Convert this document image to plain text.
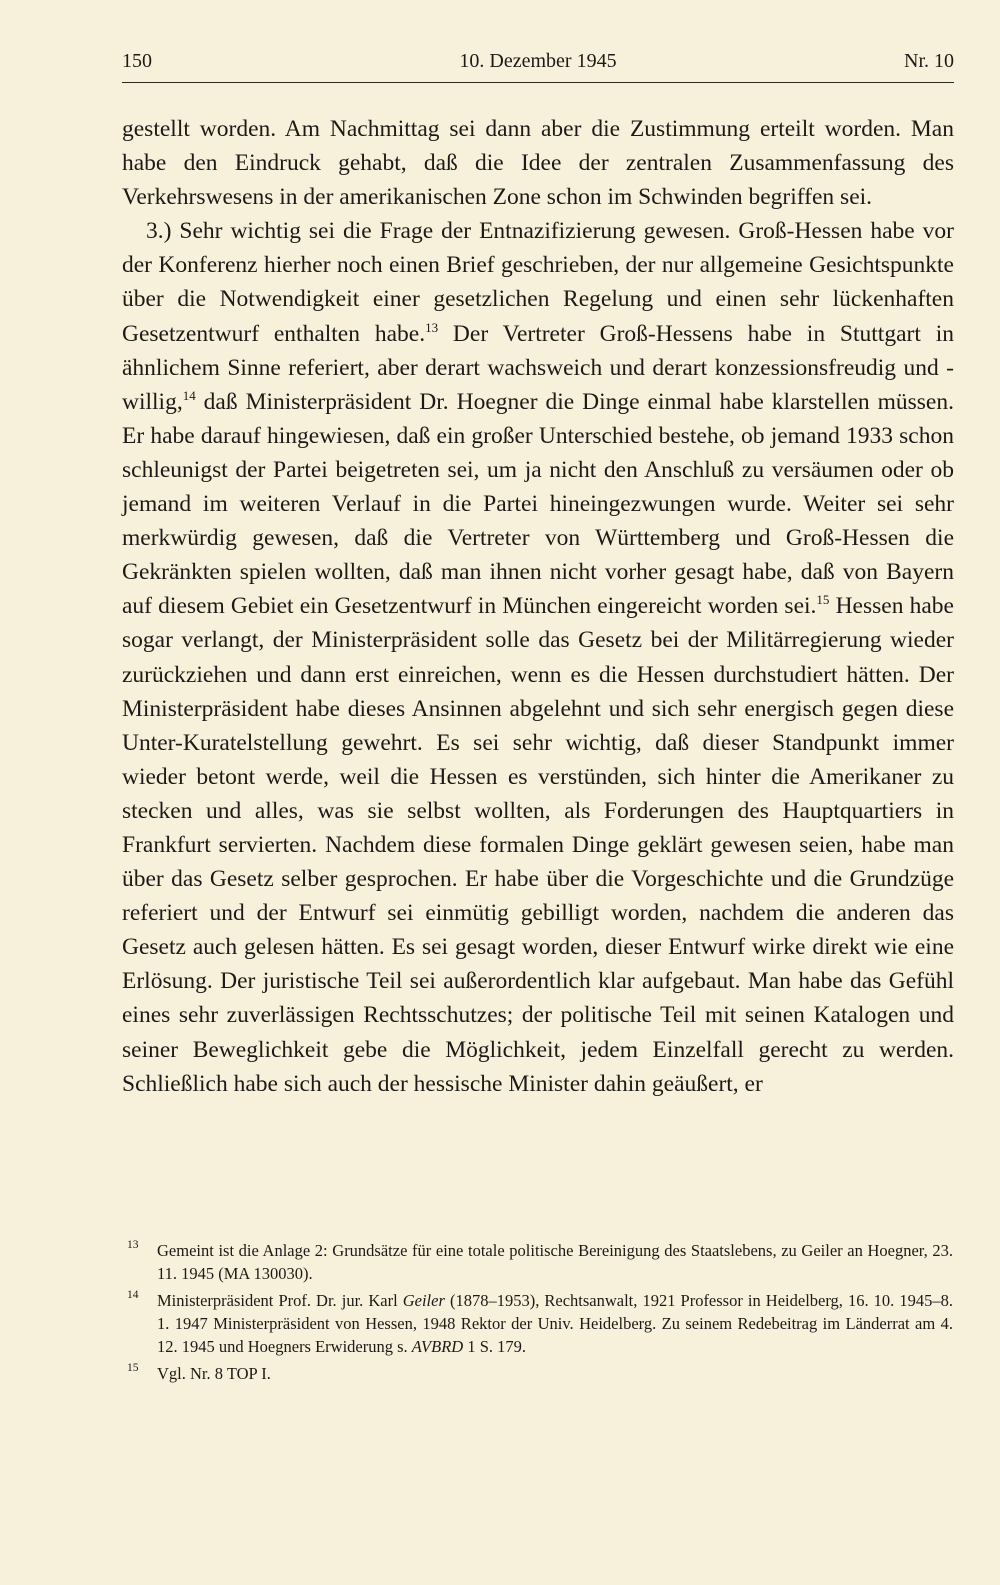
150	10. Dezember 1945	Nr. 10

gestellt worden. Am Nachmittag sei dann aber die Zustimmung erteilt worden. Man habe den Eindruck gehabt, daß die Idee der zentralen Zusammenfassung des Verkehrswesens in der amerikanischen Zone schon im Schwinden begriffen sei.

3.) Sehr wichtig sei die Frage der Entnazifizierung gewesen. Groß-Hessen habe vor der Konferenz hierher noch einen Brief geschrieben, der nur allgemeine Gesichtspunkte über die Notwendigkeit einer gesetzlichen Regelung und einen sehr lückenhaften Gesetzentwurf enthalten habe.$^{13}$ Der Vertreter Groß-Hessens habe in Stuttgart in ähnlichem Sinne referiert, aber derart wachsweich und derart konzessionsfreudig und -willig,$^{14}$ daß Ministerpräsident Dr. Hoegner die Dinge einmal habe klarstellen müssen. Er habe darauf hingewiesen, daß ein großer Unterschied bestehe, ob jemand 1933 schon schleunigst der Partei beigetreten sei, um ja nicht den Anschluß zu versäumen oder ob jemand im weiteren Verlauf in die Partei hineingezwungen wurde. Weiter sei sehr merkwürdig gewesen, daß die Vertreter von Württemberg und Groß-Hessen die Gekränkten spielen wollten, daß man ihnen nicht vorher gesagt habe, daß von Bayern auf diesem Gebiet ein Gesetzentwurf in München eingereicht worden sei.$^{15}$ Hessen habe sogar verlangt, der Ministerpräsident solle das Gesetz bei der Militärregierung wieder zurückziehen und dann erst einreichen, wenn es die Hessen durchstudiert hätten. Der Ministerpräsident habe dieses Ansinnen abgelehnt und sich sehr energisch gegen diese Unter-Kuratelstellung gewehrt. Es sei sehr wichtig, daß dieser Standpunkt immer wieder betont werde, weil die Hessen es verstünden, sich hinter die Amerikaner zu stecken und alles, was sie selbst wollten, als Forderungen des Hauptquartiers in Frankfurt servierten. Nachdem diese formalen Dinge geklärt gewesen seien, habe man über das Gesetz selber gesprochen. Er habe über die Vorgeschichte und die Grundzüge referiert und der Entwurf sei einmütig gebilligt worden, nachdem die anderen das Gesetz auch gelesen hätten. Es sei gesagt worden, dieser Entwurf wirke direkt wie eine Erlösung. Der juristische Teil sei außerordentlich klar aufgebaut. Man habe das Gefühl eines sehr zuverlässigen Rechtsschutzes; der politische Teil mit seinen Katalogen und seiner Beweglichkeit gebe die Möglichkeit, jedem Einzelfall gerecht zu werden. Schließlich habe sich auch der hessische Minister dahin geäußert, er

13 Gemeint ist die Anlage 2: Grundsätze für eine totale politische Bereinigung des Staatslebens, zu Geiler an Hoegner, 23. 11. 1945 (MA 130030).
14 Ministerpräsident Prof. Dr. jur. Karl Geiler (1878–1953), Rechtsanwalt, 1921 Professor in Heidelberg, 16. 10. 1945–8. 1. 1947 Ministerpräsident von Hessen, 1948 Rektor der Univ. Heidelberg. Zu seinem Redebeitrag im Länderrat am 4. 12. 1945 und Hoegners Erwiderung s. AVBRD 1 S. 179.
15 Vgl. Nr. 8 TOP I.
